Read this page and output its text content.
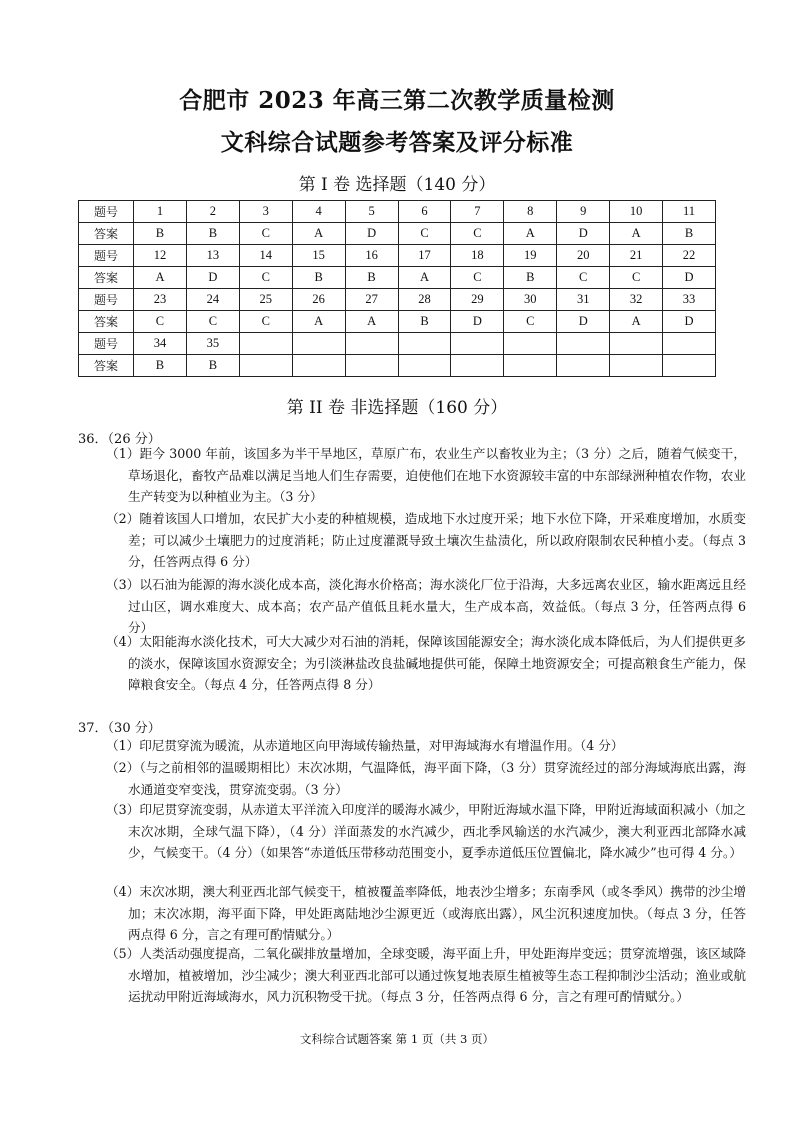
合肥市 2023 年高三第二次教学质量检测
文科综合试题参考答案及评分标准
第 I 卷 选择题（140 分）
题号	1	2	3	4	5	6	7	8	9	10	11
答案	B	B	C	A	D	C	C	A	D	A	B
题号	12	13	14	15	16	17	18	19	20	21	22
答案	A	D	C	B	B	A	C	B	C	C	D
题号	23	24	25	26	27	28	29	30	31	32	33
答案	C	C	C	A	A	B	D	C	D	A	D
题号	34	35									
答案	B	B									
第 II 卷 非选择题（160 分）
36．（26 分）
（1）距今 3000 年前，该国多为半干旱地区，草原广布，农业生产以畜牧业为主；（3 分）之后，随着气候变干，草场退化，畜牧产品难以满足当地人们生存需要，迫使他们在地下水资源较丰富的中东部绿洲种植农作物，农业生产转变为以种植业为主。（3 分）
（2）随着该国人口增加，农民扩大小麦的种植规模，造成地下水过度开采；地下水位下降，开采难度增加，水质变差；可以减少土壤肥力的过度消耗；防止过度灌溉导致土壤次生盐渍化，所以政府限制农民种植小麦。（每点 3 分，任答两点得 6 分）
（3）以石油为能源的海水淡化成本高，淡化海水价格高；海水淡化厂位于沿海，大多远离农业区，输水距离远且经过山区，调水难度大、成本高；农产品产值低且耗水量大，生产成本高，效益低。（每点 3 分，任答两点得 6 分）
（4）太阳能海水淡化技术，可大大减少对石油的消耗，保障该国能源安全；海水淡化成本降低后，为人们提供更多的淡水，保障该国水资源安全；为引淡淋盐改良盐碱地提供可能，保障土地资源安全；可提高粮食生产能力，保障粮食安全。（每点 4 分，任答两点得 8 分）
37．（30 分）
（1）印尼贯穿流为暖流，从赤道地区向甲海域传输热量，对甲海域海水有增温作用。（4 分）
（2）（与之前相邻的温暖期相比）末次冰期，气温降低，海平面下降，（3 分）贯穿流经过的部分海域海底出露，海水通道变窄变浅，贯穿流变弱。（3 分）
（3）印尼贯穿流变弱，从赤道太平洋流入印度洋的暖海水减少，甲附近海域水温下降，甲附近海域面积减小（加之末次冰期，全球气温下降），（4 分）洋面蒸发的水汽减少，西北季风输送的水汽减少，澳大利亚西北部降水减少，气候变干。（4 分）（如果答“赤道低压带移动范围变小，夏季赤道低压位置偏北，降水减少”也可得 4 分。）
（4）末次冰期，澳大利亚西北部气候变干，植被覆盖率降低，地表沙尘增多；东南季风（或冬季风）携带的沙尘增加；末次冰期，海平面下降，甲处距离陆地沙尘源更近（或海底出露），风尘沉积速度加快。（每点 3 分，任答两点得 6 分，言之有理可酌情赋分。）
（5）人类活动强度提高，二氧化碳排放量增加，全球变暖，海平面上升，甲处距海岸变远；贯穿流增强，该区域降水增加，植被增加，沙尘减少；澳大利亚西北部可以通过恢复地表原生植被等生态工程抑制沙尘活动；渔业或航运扰动甲附近海域海水，风力沉积物受干扰。（每点 3 分，任答两点得 6 分，言之有理可酌情赋分。）
文科综合试题答案 第 1 页（共 3 页）
